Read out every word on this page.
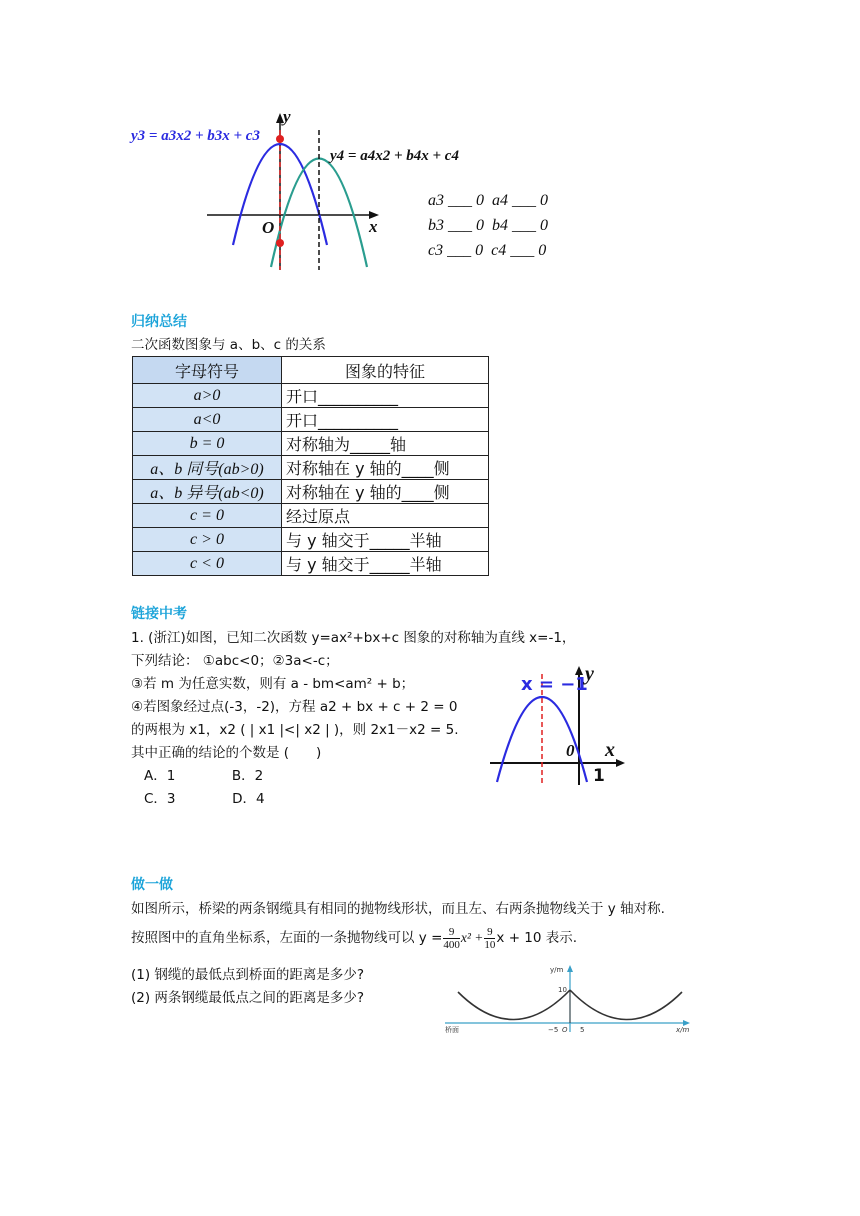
y
x
O
y3 = a3x2 + b3x + c3
y4 = a4x2 + b4x + c4
a3 ___ 0 a4 ___ 0
b3 ___ 0 b4 ___ 0
c3 ___ 0 c4 ___ 0
归纳总结
二次函数图象与 a、b、c 的关系
字母符号	图象的特征
a>0	开口__________
a<0	开口__________
b = 0	对称轴为_____轴
a、b 同号(ab>0)	对称轴在 y 轴的____侧
a、b 异号(ab<0)	对称轴在 y 轴的____侧
c = 0	经过原点
c > 0	与 y 轴交于_____半轴
c < 0	与 y 轴交于_____半轴
链接中考
1. (浙江)如图，已知二次函数 y=ax²+bx+c 图象的对称轴为直线 x=-1，
下列结论： ①abc<0；②3a<-c；
③若 m 为任意实数，则有 a - bm<am² + b；
④若图象经过点(-3，-2)，方程 a2 + bx + c + 2 = 0
的两根为 x1，x2 ( | x1 |<| x2 | )，则 2x1－x2 = 5.
其中正确的结论的个数是 (　　)
A．1	B．2
C．3	D．4
x = −1
y
x
0
1
做一做
如图所示，桥梁的两条钢缆具有相同的抛物线形状，而且左、右两条抛物线关于 y 轴对称.
按照图中的直角坐标系，左面的一条抛物线可以 $y = \frac{9}{400} x^2 + \frac{9}{10}$ x + 10 表示.
(1) 钢缆的最低点到桥面的距离是多少?
(2) 两条钢缆最低点之间的距离是多少?
y/m
10
桥面	−5 O 5	x/m
